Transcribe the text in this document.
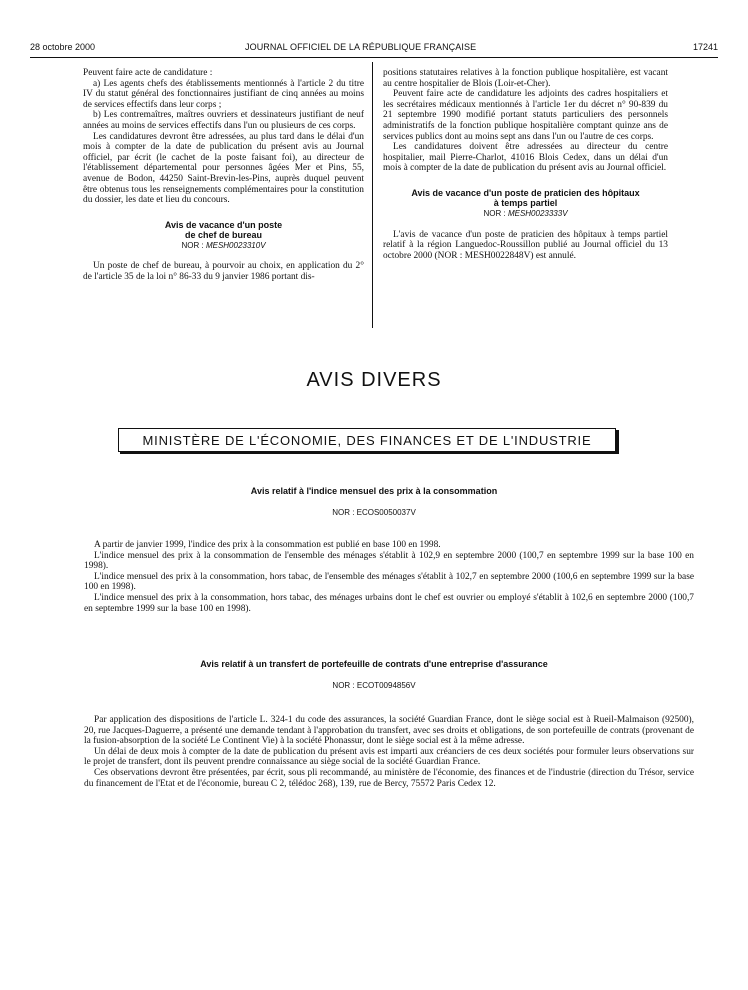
28 octobre 2000	JOURNAL OFFICIEL DE LA RÉPUBLIQUE FRANÇAISE	17241

Peuvent faire acte de candidature :

a) Les agents chefs des établissements mentionnés à l'article 2 du titre IV du statut général des fonctionnaires justifiant de cinq années au moins de services effectifs dans leur corps ;

b) Les contremaîtres, maîtres ouvriers et dessinateurs justifiant de neuf années au moins de services effectifs dans l'un ou plusieurs de ces corps.

Les candidatures devront être adressées, au plus tard dans le délai d'un mois à compter de la date de publication du présent avis au Journal officiel, par écrit (le cachet de la poste faisant foi), au directeur de l'établissement départemental pour personnes âgées Mer et Pins, 55, avenue de Bodon, 44250 Saint-Brevin-les-Pins, auprès duquel peuvent être obtenus tous les renseignements complémentaires pour la constitution du dossier, les date et lieu du concours.

Avis de vacance d'un poste

de chef de bureau

NOR : MESH0023310V

Un poste de chef de bureau, à pourvoir au choix, en application du 2° de l'article 35 de la loi n° 86-33 du 9 janvier 1986 portant dis-

positions statutaires relatives à la fonction publique hospitalière, est vacant au centre hospitalier de Blois (Loir-et-Cher).

Peuvent faire acte de candidature les adjoints des cadres hospitaliers et les secrétaires médicaux mentionnés à l'article 1er du décret n° 90-839 du 21 septembre 1990 modifié portant statuts particuliers des personnels administratifs de la fonction publique hospitalière comptant quinze ans de services publics dont au moins sept ans dans l'un ou l'autre de ces corps.

Les candidatures doivent être adressées au directeur du centre hospitalier, mail Pierre-Charlot, 41016 Blois Cedex, dans un délai d'un mois à compter de la date de publication du présent avis au Journal officiel.

Avis de vacance d'un poste de praticien des hôpitaux

à temps partiel

NOR : MESH0023333V

L'avis de vacance d'un poste de praticien des hôpitaux à temps partiel relatif à la région Languedoc-Roussillon publié au Journal officiel du 13 octobre 2000 (NOR : MESH0022848V) est annulé.

AVIS DIVERS
MINISTÈRE DE L'ÉCONOMIE, DES FINANCES ET DE L'INDUSTRIE
Avis relatif à l'indice mensuel des prix à la consommation
NOR : ECOS0050037V

A partir de janvier 1999, l'indice des prix à la consommation est publié en base 100 en 1998.

L'indice mensuel des prix à la consommation de l'ensemble des ménages s'établit à 102,9 en septembre 2000 (100,7 en septembre 1999 sur la base 100 en 1998).

L'indice mensuel des prix à la consommation, hors tabac, de l'ensemble des ménages s'établit à 102,7 en septembre 2000 (100,6 en septembre 1999 sur la base 100 en 1998).

L'indice mensuel des prix à la consommation, hors tabac, des ménages urbains dont le chef est ouvrier ou employé s'établit à 102,6 en septembre 2000 (100,7 en septembre 1999 sur la base 100 en 1998).

Avis relatif à un transfert de portefeuille de contrats d'une entreprise d'assurance
NOR : ECOT0094856V

Par application des dispositions de l'article L. 324-1 du code des assurances, la société Guardian France, dont le siège social est à Rueil-Malmaison (92500), 20, rue Jacques-Daguerre, a présenté une demande tendant à l'approbation du transfert, avec ses droits et obligations, de son portefeuille de contrats (provenant de la fusion-absorption de la société Le Continent Vie) à la société Phonassur, dont le siège social est à la même adresse.

Un délai de deux mois à compter de la date de publication du présent avis est imparti aux créanciers de ces deux sociétés pour formuler leurs observations sur le projet de transfert, dont ils peuvent prendre connaissance au siège social de la société Guardian France.

Ces observations devront être présentées, par écrit, sous pli recommandé, au ministère de l'économie, des finances et de l'industrie (direction du Trésor, service du financement de l'Etat et de l'économie, bureau C 2, télédoc 268), 139, rue de Bercy, 75572 Paris Cedex 12.
